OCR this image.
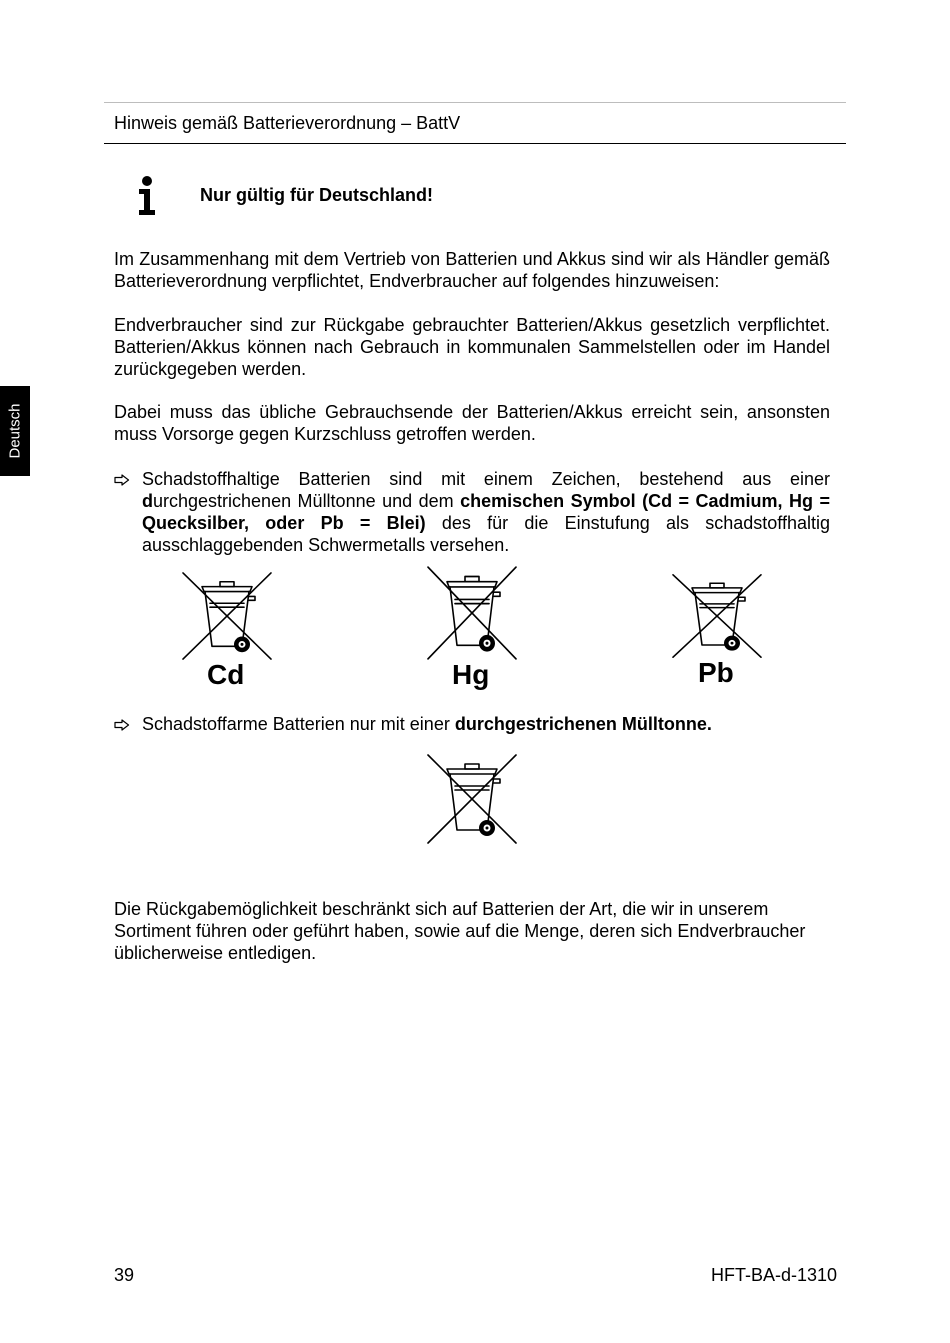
Hinweis gemäß Batterieverordnung – BattV
Deutsch
Nur gültig für Deutschland!

Im Zusammenhang mit dem Vertrieb von Batterien und Akkus sind wir als Händler gemäß Batterieverordnung verpflichtet, Endverbraucher auf folgendes hinzuweisen:

Endverbraucher sind zur Rückgabe gebrauchter Batterien/Akkus gesetzlich verpflichtet. Batterien/Akkus können nach Gebrauch in kommunalen Sammelstellen oder im Handel zurückgegeben werden.

Dabei muss das übliche Gebrauchsende der Batterien/Akkus erreicht sein, ansonsten muss Vorsorge gegen Kurzschluss getroffen werden.

Schadstoffhaltige Batterien sind mit einem Zeichen, bestehend aus einer durchgestrichenen Mülltonne und dem chemischen Symbol (Cd = Cadmium, Hg = Quecksilber, oder Pb = Blei) des für die Einstufung als schadstoffhaltig ausschlaggebenden Schwermetalls versehen.

Cd	Hg	Pb

Schadstoffarme Batterien nur mit einer durchgestrichenen Mülltonne.

Die Rückgabemöglichkeit beschränkt sich auf Batterien der Art, die wir in unserem Sortiment führen oder geführt haben, sowie auf die Menge, deren sich Endverbraucher üblicherweise entledigen.

39	HFT-BA-d-1310
